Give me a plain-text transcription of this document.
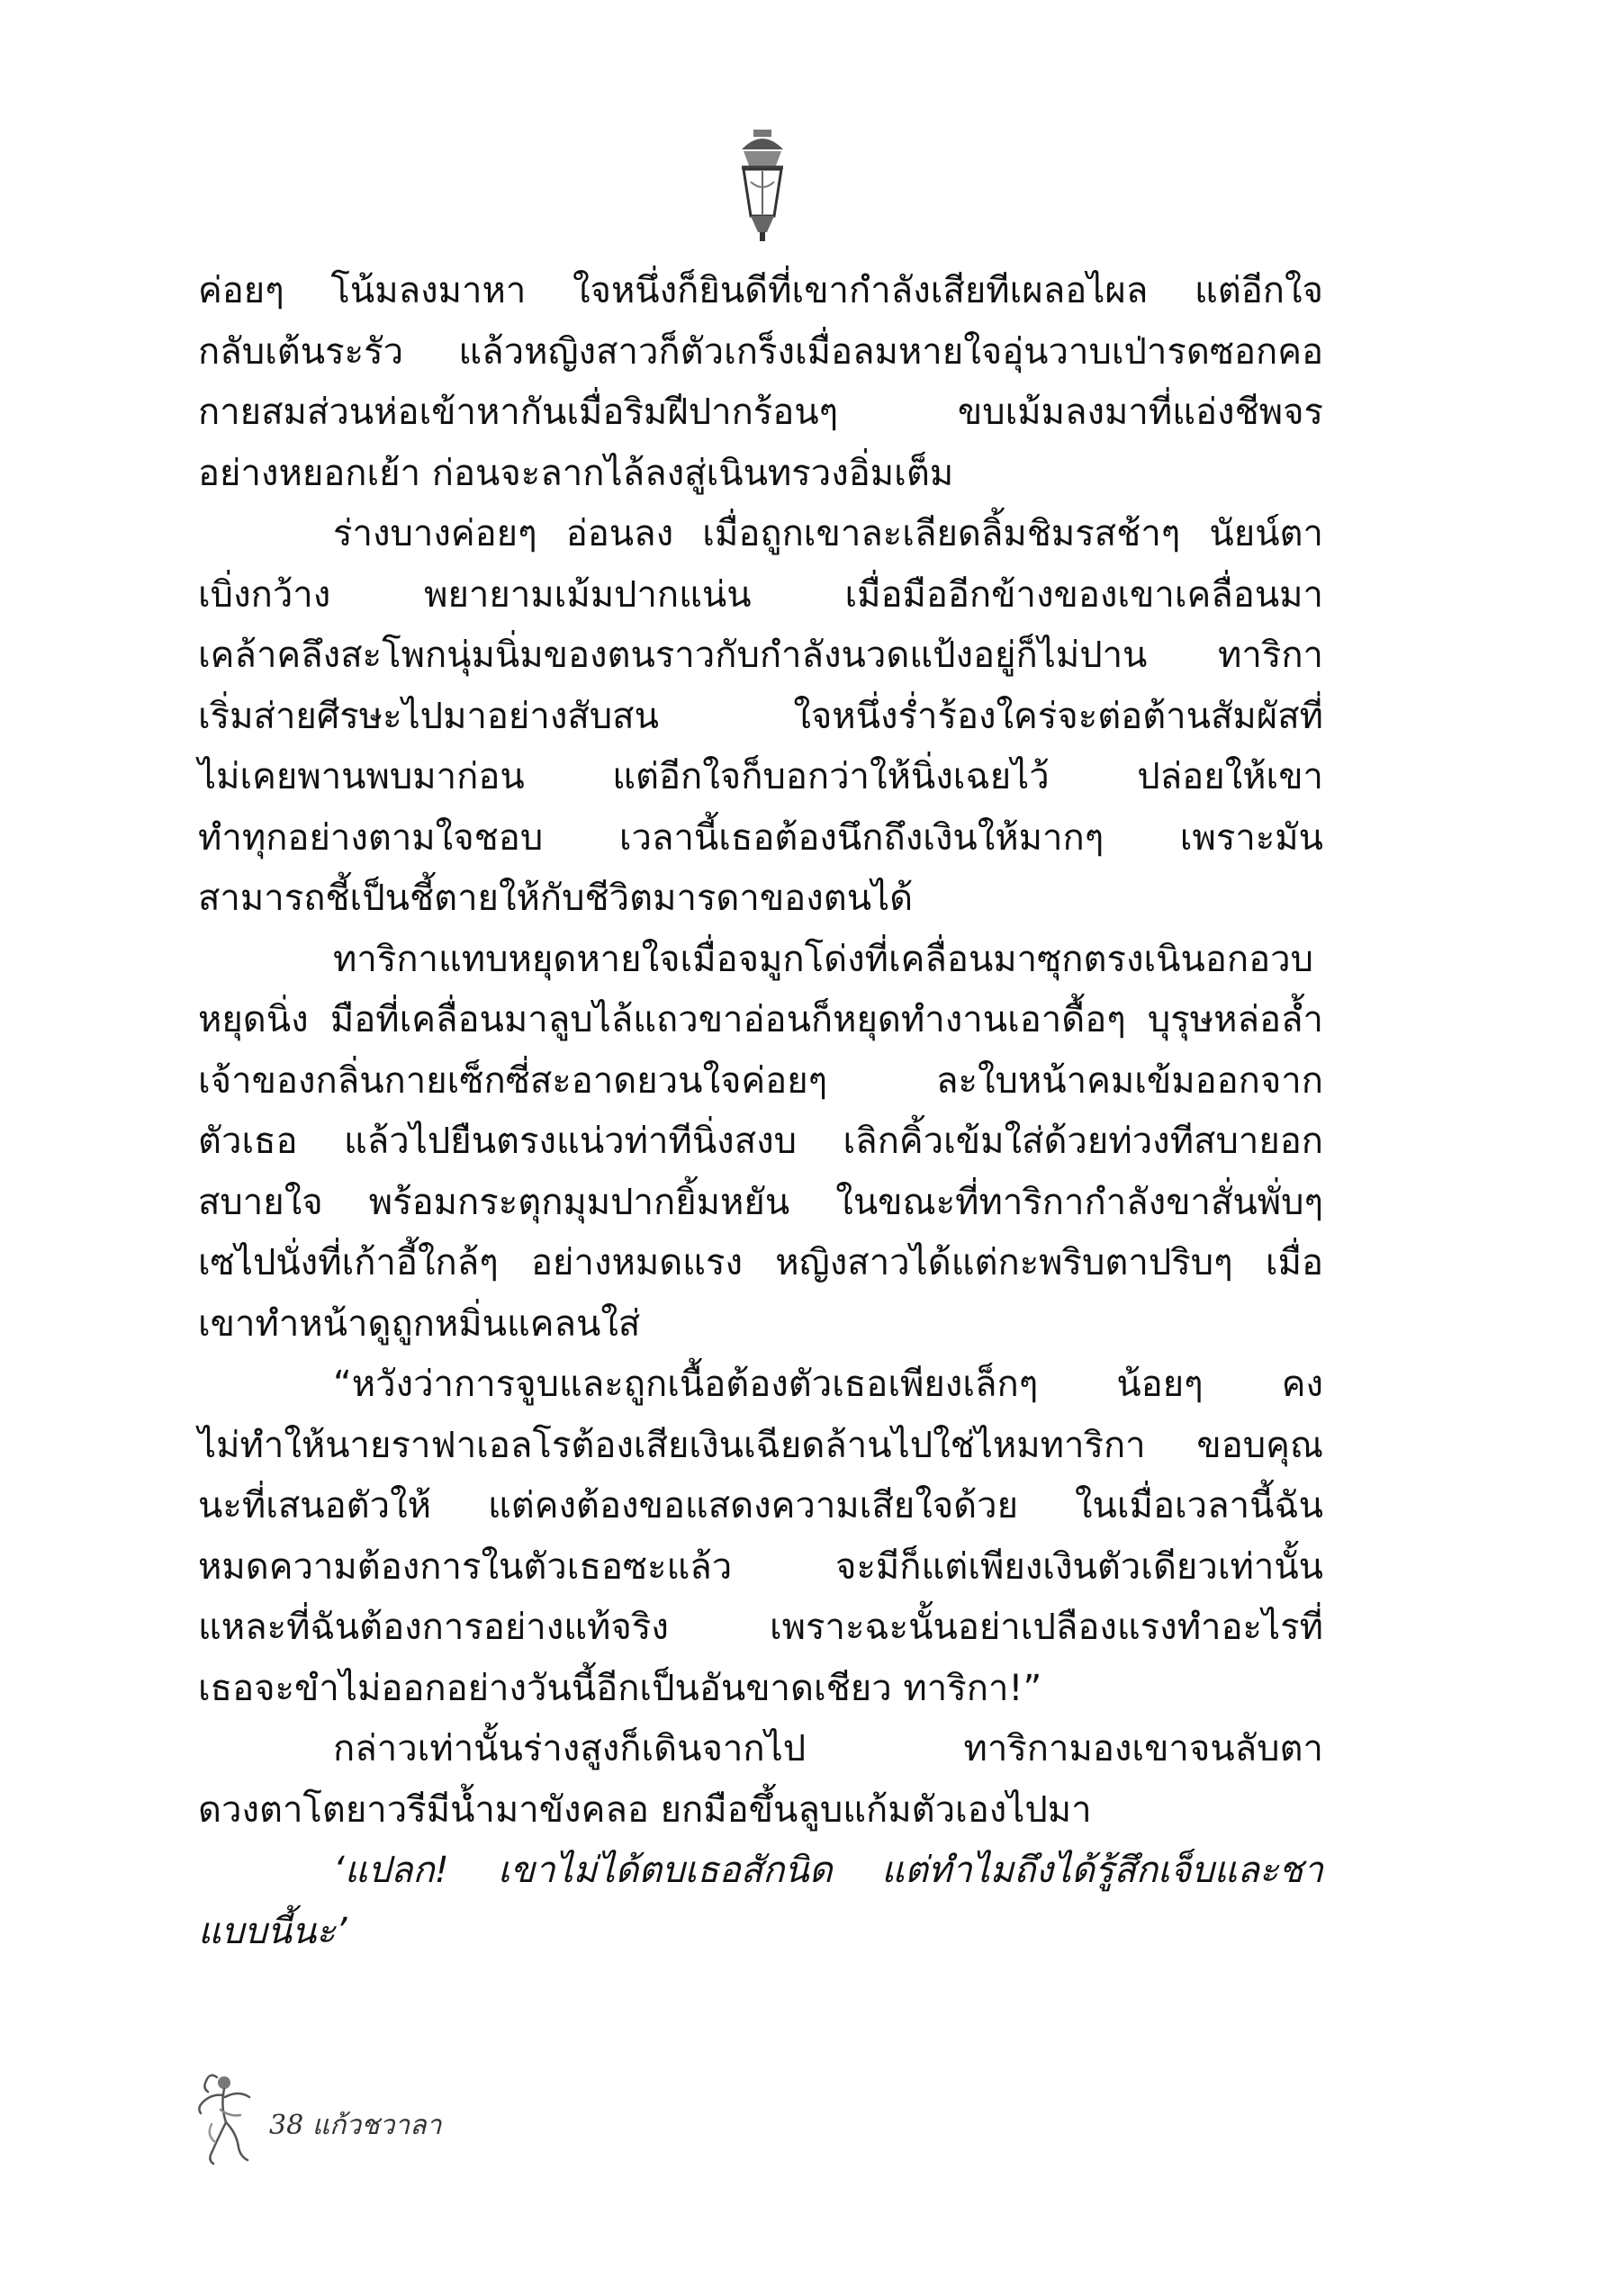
ค่อยๆ โน้มลงมาหา ใจหนึ่งก็ยินดีที่เขากำลังเสียทีเผลอไผล แต่อีกใจ
กลับเต้นระรัว แล้วหญิงสาวก็ตัวเกร็งเมื่อลมหายใจอุ่นวาบเป่ารดซอกคอ
กายสมส่วนห่อเข้าหากันเมื่อริมฝีปากร้อนๆ ขบเม้มลงมาที่แอ่งชีพจร
อย่างหยอกเย้า ก่อนจะลากไล้ลงสู่เนินทรวงอิ่มเต็ม
ร่างบางค่อยๆ อ่อนลง เมื่อถูกเขาละเลียดลิ้มชิมรสช้าๆ นัยน์ตา
เบิ่งกว้าง พยายามเม้มปากแน่น เมื่อมืออีกข้างของเขาเคลื่อนมา
เคล้าคลึงสะโพกนุ่มนิ่มของตนราวกับกำลังนวดแป้งอยู่ก็ไม่ปาน ทาริกา
เริ่มส่ายศีรษะไปมาอย่างสับสน ใจหนึ่งร่ำร้องใคร่จะต่อต้านสัมผัสที่
ไม่เคยพานพบมาก่อน แต่อีกใจก็บอกว่าให้นิ่งเฉยไว้ ปล่อยให้เขา
ทำทุกอย่างตามใจชอบ เวลานี้เธอต้องนึกถึงเงินให้มากๆ เพราะมัน
สามารถชี้เป็นชี้ตายให้กับชีวิตมารดาของตนได้
ทาริกาแทบหยุดหายใจเมื่อจมูกโด่งที่เคลื่อนมาซุกตรงเนินอกอวบ
หยุดนิ่ง มือที่เคลื่อนมาลูบไล้แถวขาอ่อนก็หยุดทำงานเอาดื้อๆ บุรุษหล่อล้ำ
เจ้าของกลิ่นกายเซ็กซี่สะอาดยวนใจค่อยๆ ละใบหน้าคมเข้มออกจาก
ตัวเธอ แล้วไปยืนตรงแน่วท่าทีนิ่งสงบ เลิกคิ้วเข้มใส่ด้วยท่วงทีสบายอก
สบายใจ พร้อมกระตุกมุมปากยิ้มหยัน ในขณะที่ทาริกากำลังขาสั่นพั่บๆ
เซไปนั่งที่เก้าอี้ใกล้ๆ อย่างหมดแรง หญิงสาวได้แต่กะพริบตาปริบๆ เมื่อ
เขาทำหน้าดูถูกหมิ่นแคลนใส่
“หวังว่าการจูบและถูกเนื้อต้องตัวเธอเพียงเล็กๆ น้อยๆ คง
ไม่ทำให้นายราฟาเอลโรต้องเสียเงินเฉียดล้านไปใช่ไหมทาริกา ขอบคุณ
นะที่เสนอตัวให้ แต่คงต้องขอแสดงความเสียใจด้วย ในเมื่อเวลานี้ฉัน
หมดความต้องการในตัวเธอซะแล้ว จะมีก็แต่เพียงเงินตัวเดียวเท่านั้น
แหละที่ฉันต้องการอย่างแท้จริง เพราะฉะนั้นอย่าเปลืองแรงทำอะไรที่
เธอจะขำไม่ออกอย่างวันนี้อีกเป็นอันขาดเชียว ทาริกา!”
กล่าวเท่านั้นร่างสูงก็เดินจากไป ทาริกามองเขาจนลับตา
ดวงตาโตยาวรีมีน้ำมาขังคลอ ยกมือขึ้นลูบแก้มตัวเองไปมา
‘แปลก! เขาไม่ได้ตบเธอสักนิด แต่ทำไมถึงได้รู้สึกเจ็บและชา
แบบนี้นะ’
38 แก้วชวาลา
